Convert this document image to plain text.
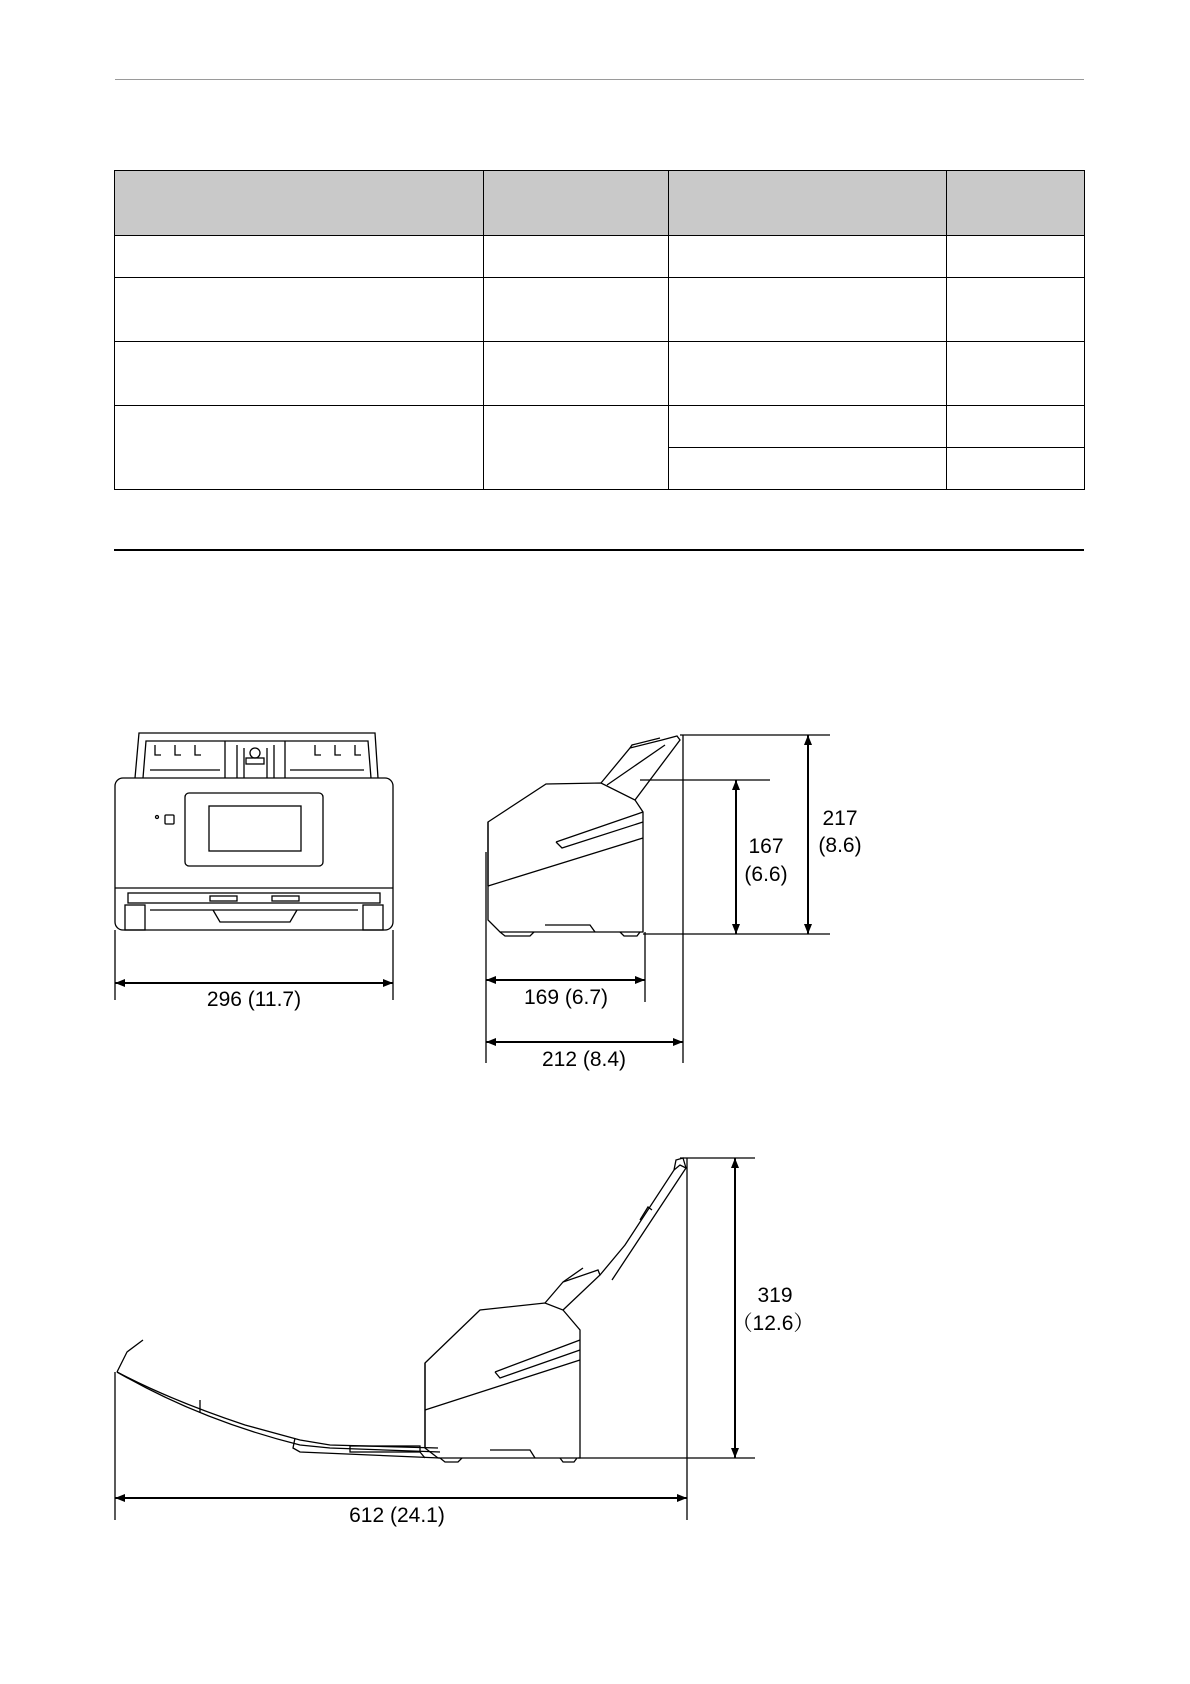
296 (11.7)	169 (6.7)
212 (8.4)
167
(6.6)
217
(8.6)
319
（12.6）
612 (24.1)
